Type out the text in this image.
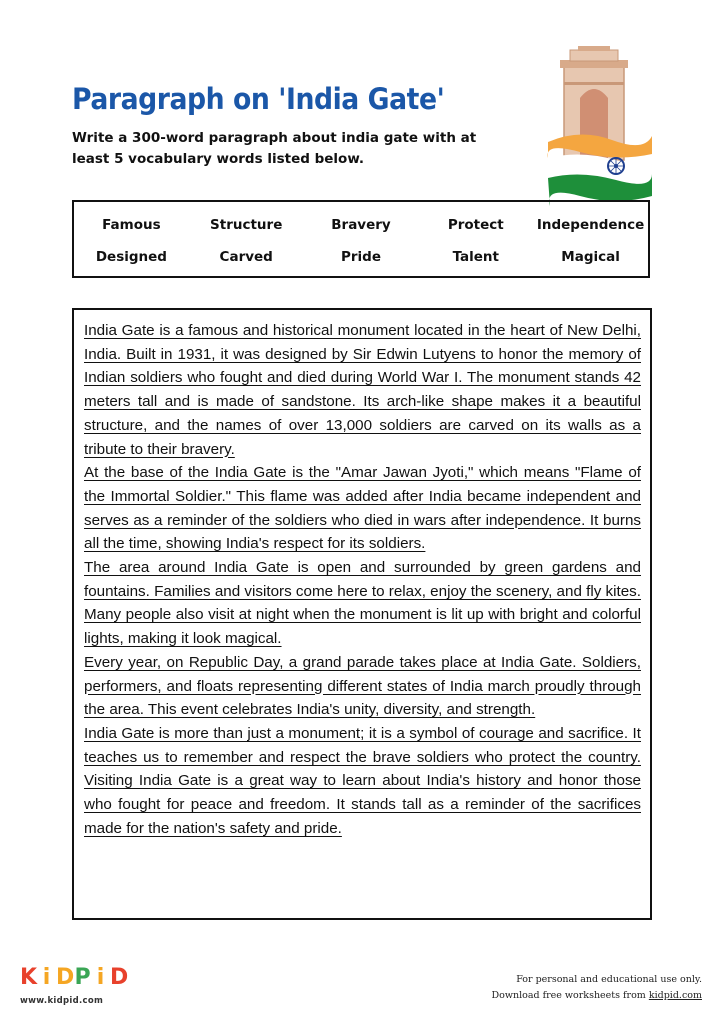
Paragraph on 'India Gate'

Write a 300-word paragraph about india gate with at least 5 vocabulary words listed below.

Famous	Structure	Bravery	Protect	Independence
Designed	Carved	Pride	Talent	Magical

India Gate is a famous and historical monument located in the heart of New Delhi, India. Built in 1931, it was designed by Sir Edwin Lutyens to honor the memory of Indian soldiers who fought and died during World War I. The monument stands 42 meters tall and is made of sandstone. Its arch-like shape makes it a beautiful structure, and the names of over 13,000 soldiers are carved on its walls as a tribute to their bravery.

At the base of the India Gate is the "Amar Jawan Jyoti," which means "Flame of the Immortal Soldier." This flame was added after India became independent and serves as a reminder of the soldiers who died in wars after independence. It burns all the time, showing India's respect for its soldiers.

The area around India Gate is open and surrounded by green gardens and fountains. Families and visitors come here to relax, enjoy the scenery, and fly kites. Many people also visit at night when the monument is lit up with bright and colorful lights, making it look magical.

Every year, on Republic Day, a grand parade takes place at India Gate. Soldiers, performers, and floats representing different states of India march proudly through the area. This event celebrates India's unity, diversity, and strength.

India Gate is more than just a monument; it is a symbol of courage and sacrifice. It teaches us to remember and respect the brave soldiers who protect the country. Visiting India Gate is a great way to learn about India's history and honor those who fought for peace and freedom. It stands tall as a reminder of the sacrifices made for the nation's safety and pride.

K i D P i D
www.kidpid.com
For personal and educational use only.
Download free worksheets from kidpid.com
